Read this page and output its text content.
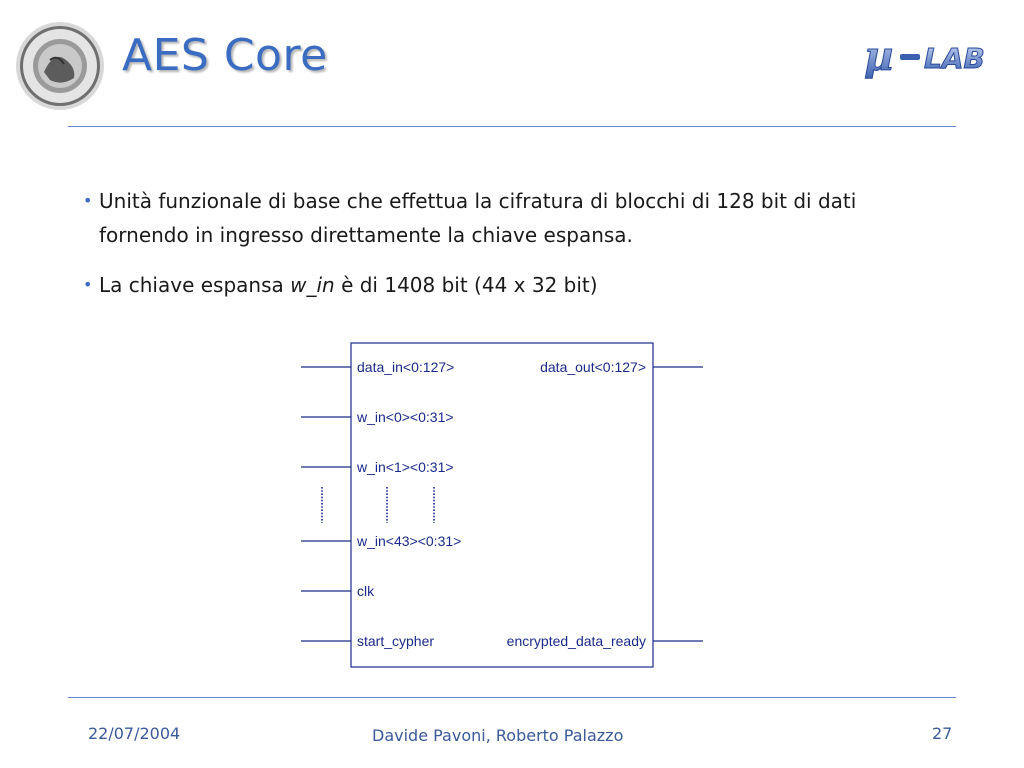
AES Core	µ LAB
• Unità funzionale di base che effettua la cifratura di blocchi di 128 bit di dati fornendo in ingresso direttamente la chiave espansa.
• La chiave espansa w_in è di 1408 bit (44 x 32 bit)
data_in<0:127>
w_in<0><0:31>
w_in<1><0:31>
w_in<43><0:31>
clk
start_cypher
data_out<0:127>
encrypted_data_ready
22/07/2004	Davide Pavoni, Roberto Palazzo	27
